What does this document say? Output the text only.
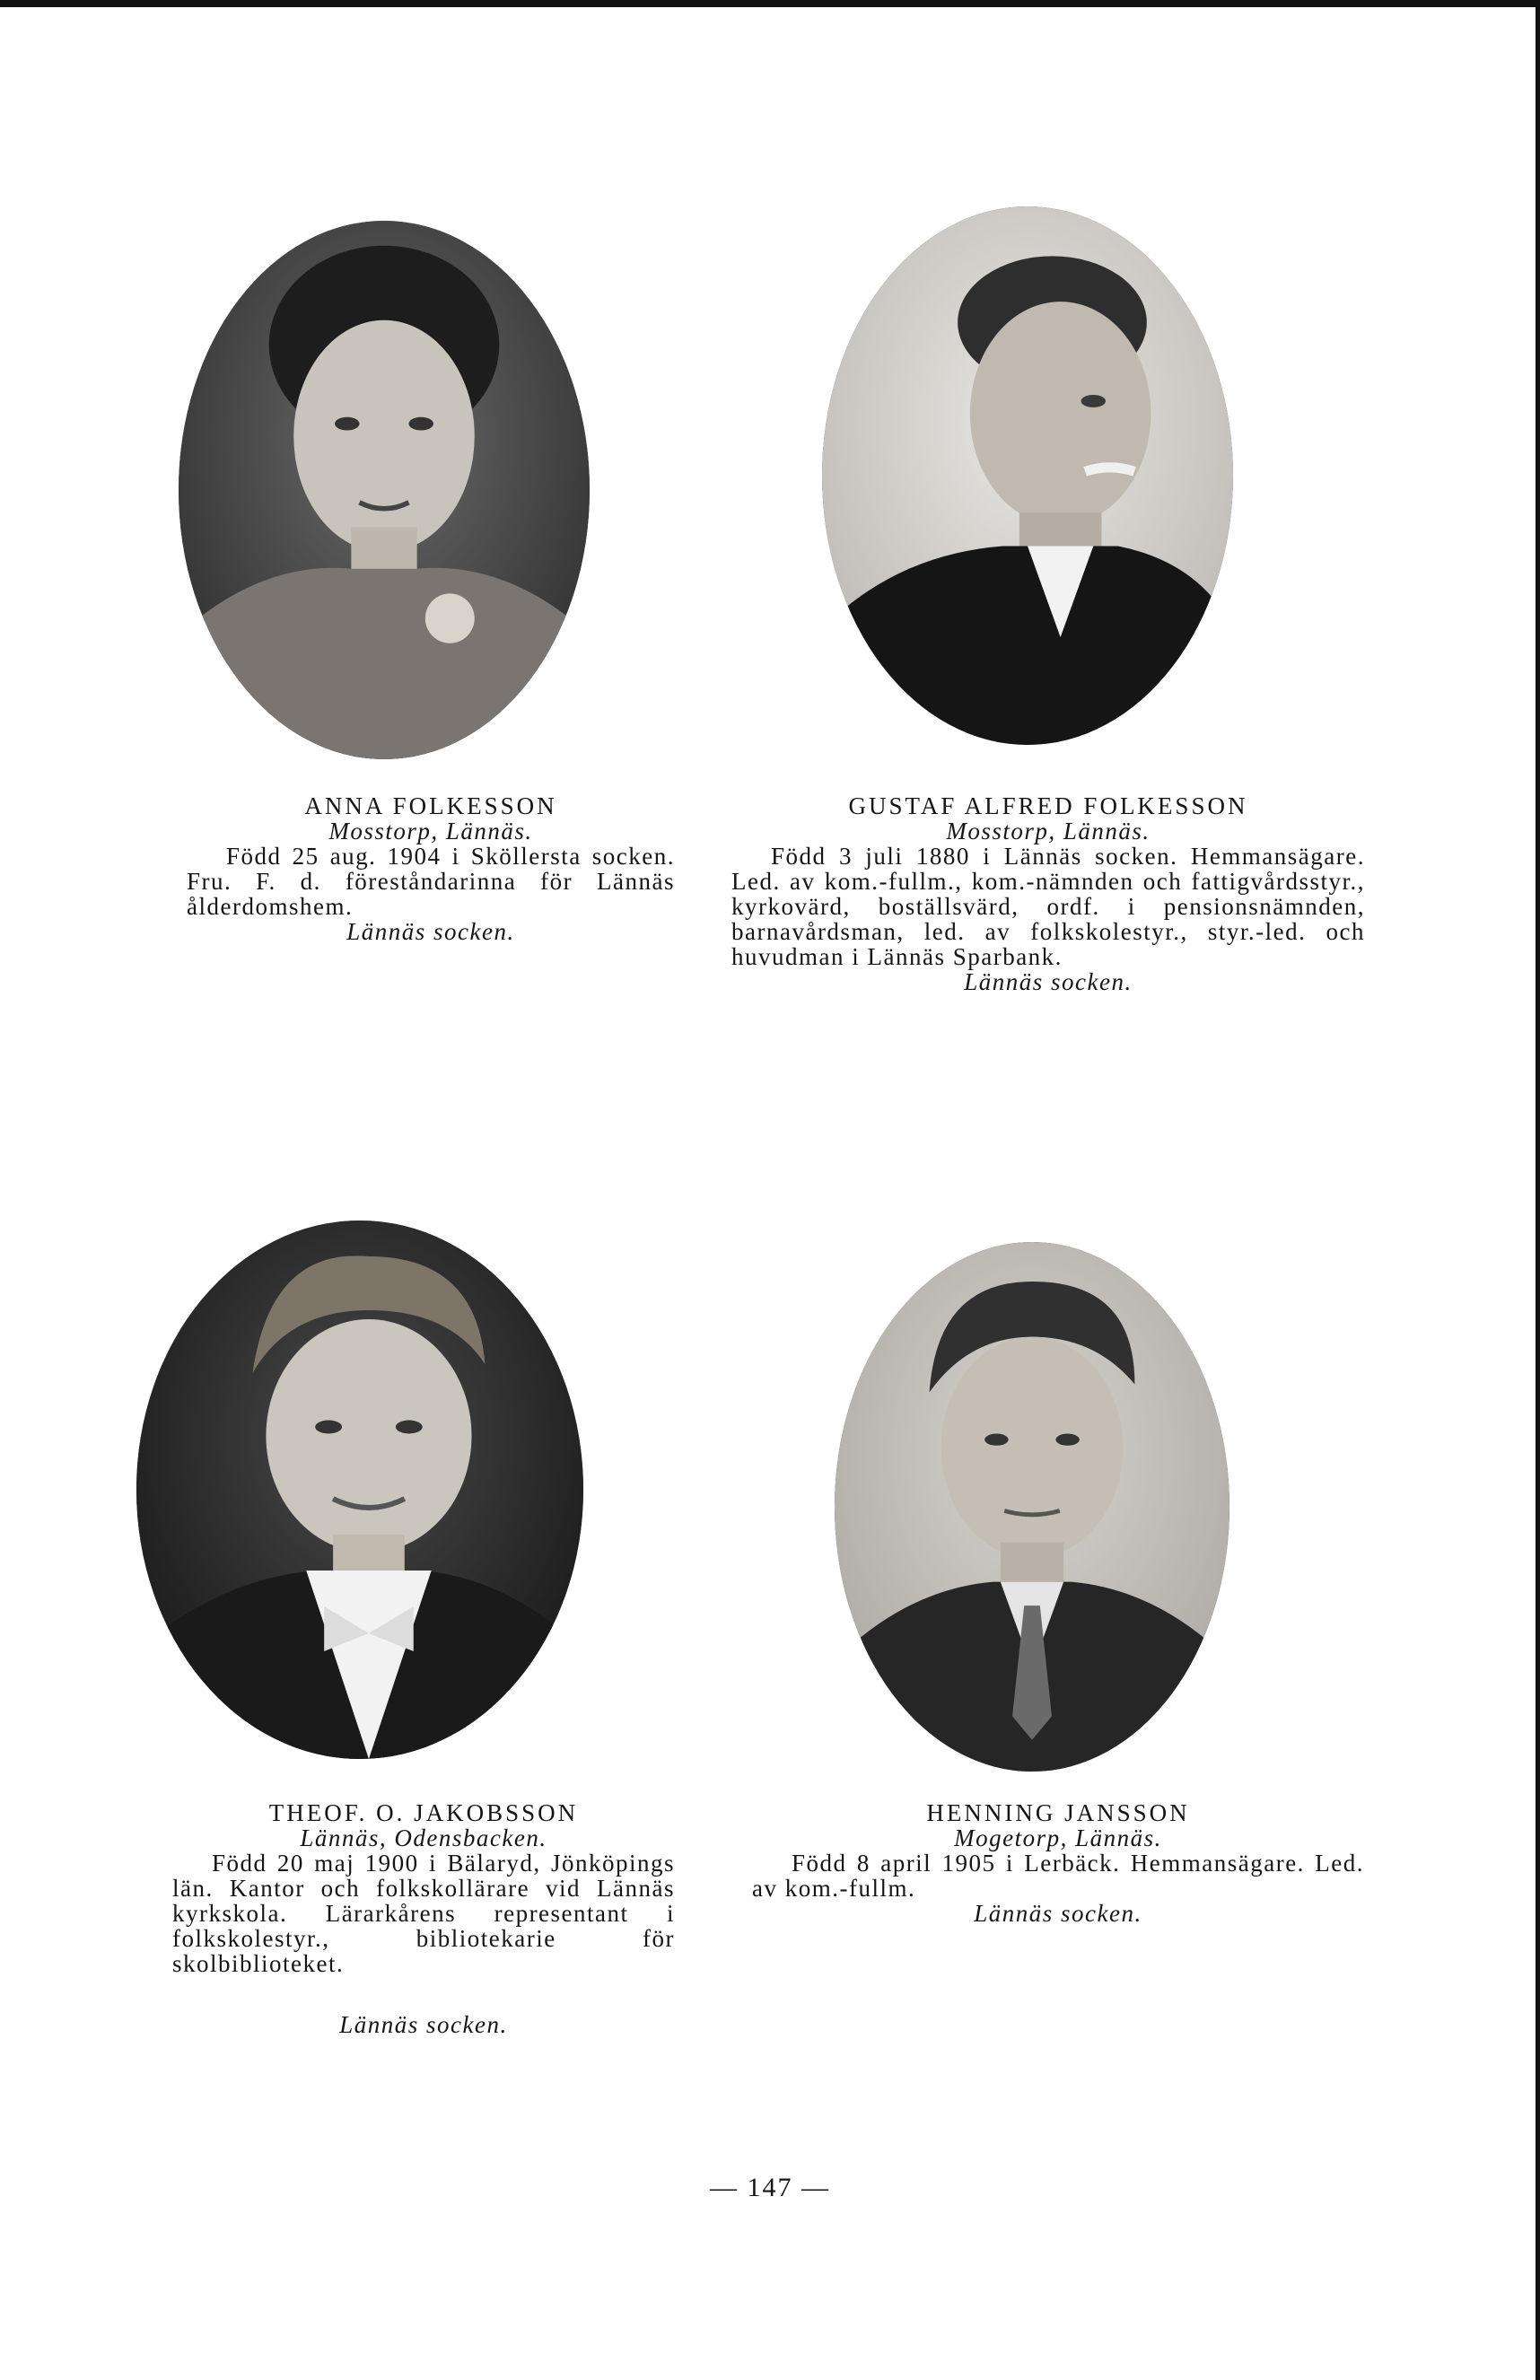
ANNA FOLKESSON
Mosstorp, Lännäs.
Född 25 aug. 1904 i Sköllersta socken. Fru. F. d. föreståndarinna för Lännäs ålderdomshem.
Lännäs socken.
GUSTAF ALFRED FOLKESSON
Mosstorp, Lännäs.
Född 3 juli 1880 i Lännäs socken. Hemmansägare. Led. av kom.-fullm., kom.-nämnden och fattigvårdsstyr., kyrkovärd, boställsvärd, ordf. i pensionsnämnden, barnavårdsman, led. av folkskolestyr., styr.-led. och huvudman i Lännäs Sparbank.
Lännäs socken.
THEOF. O. JAKOBSSON
Lännäs, Odensbacken.
Född 20 maj 1900 i Bälaryd, Jönköpings län. Kantor och folkskollärare vid Lännäs kyrkskola. Lärarkårens representant i folkskolestyr., bibliotekarie för skolbiblioteket.
Lännäs socken.
HENNING JANSSON
Mogetorp, Lännäs.
Född 8 april 1905 i Lerbäck. Hemmansägare. Led. av kom.-fullm.
Lännäs socken.
— 147 —
